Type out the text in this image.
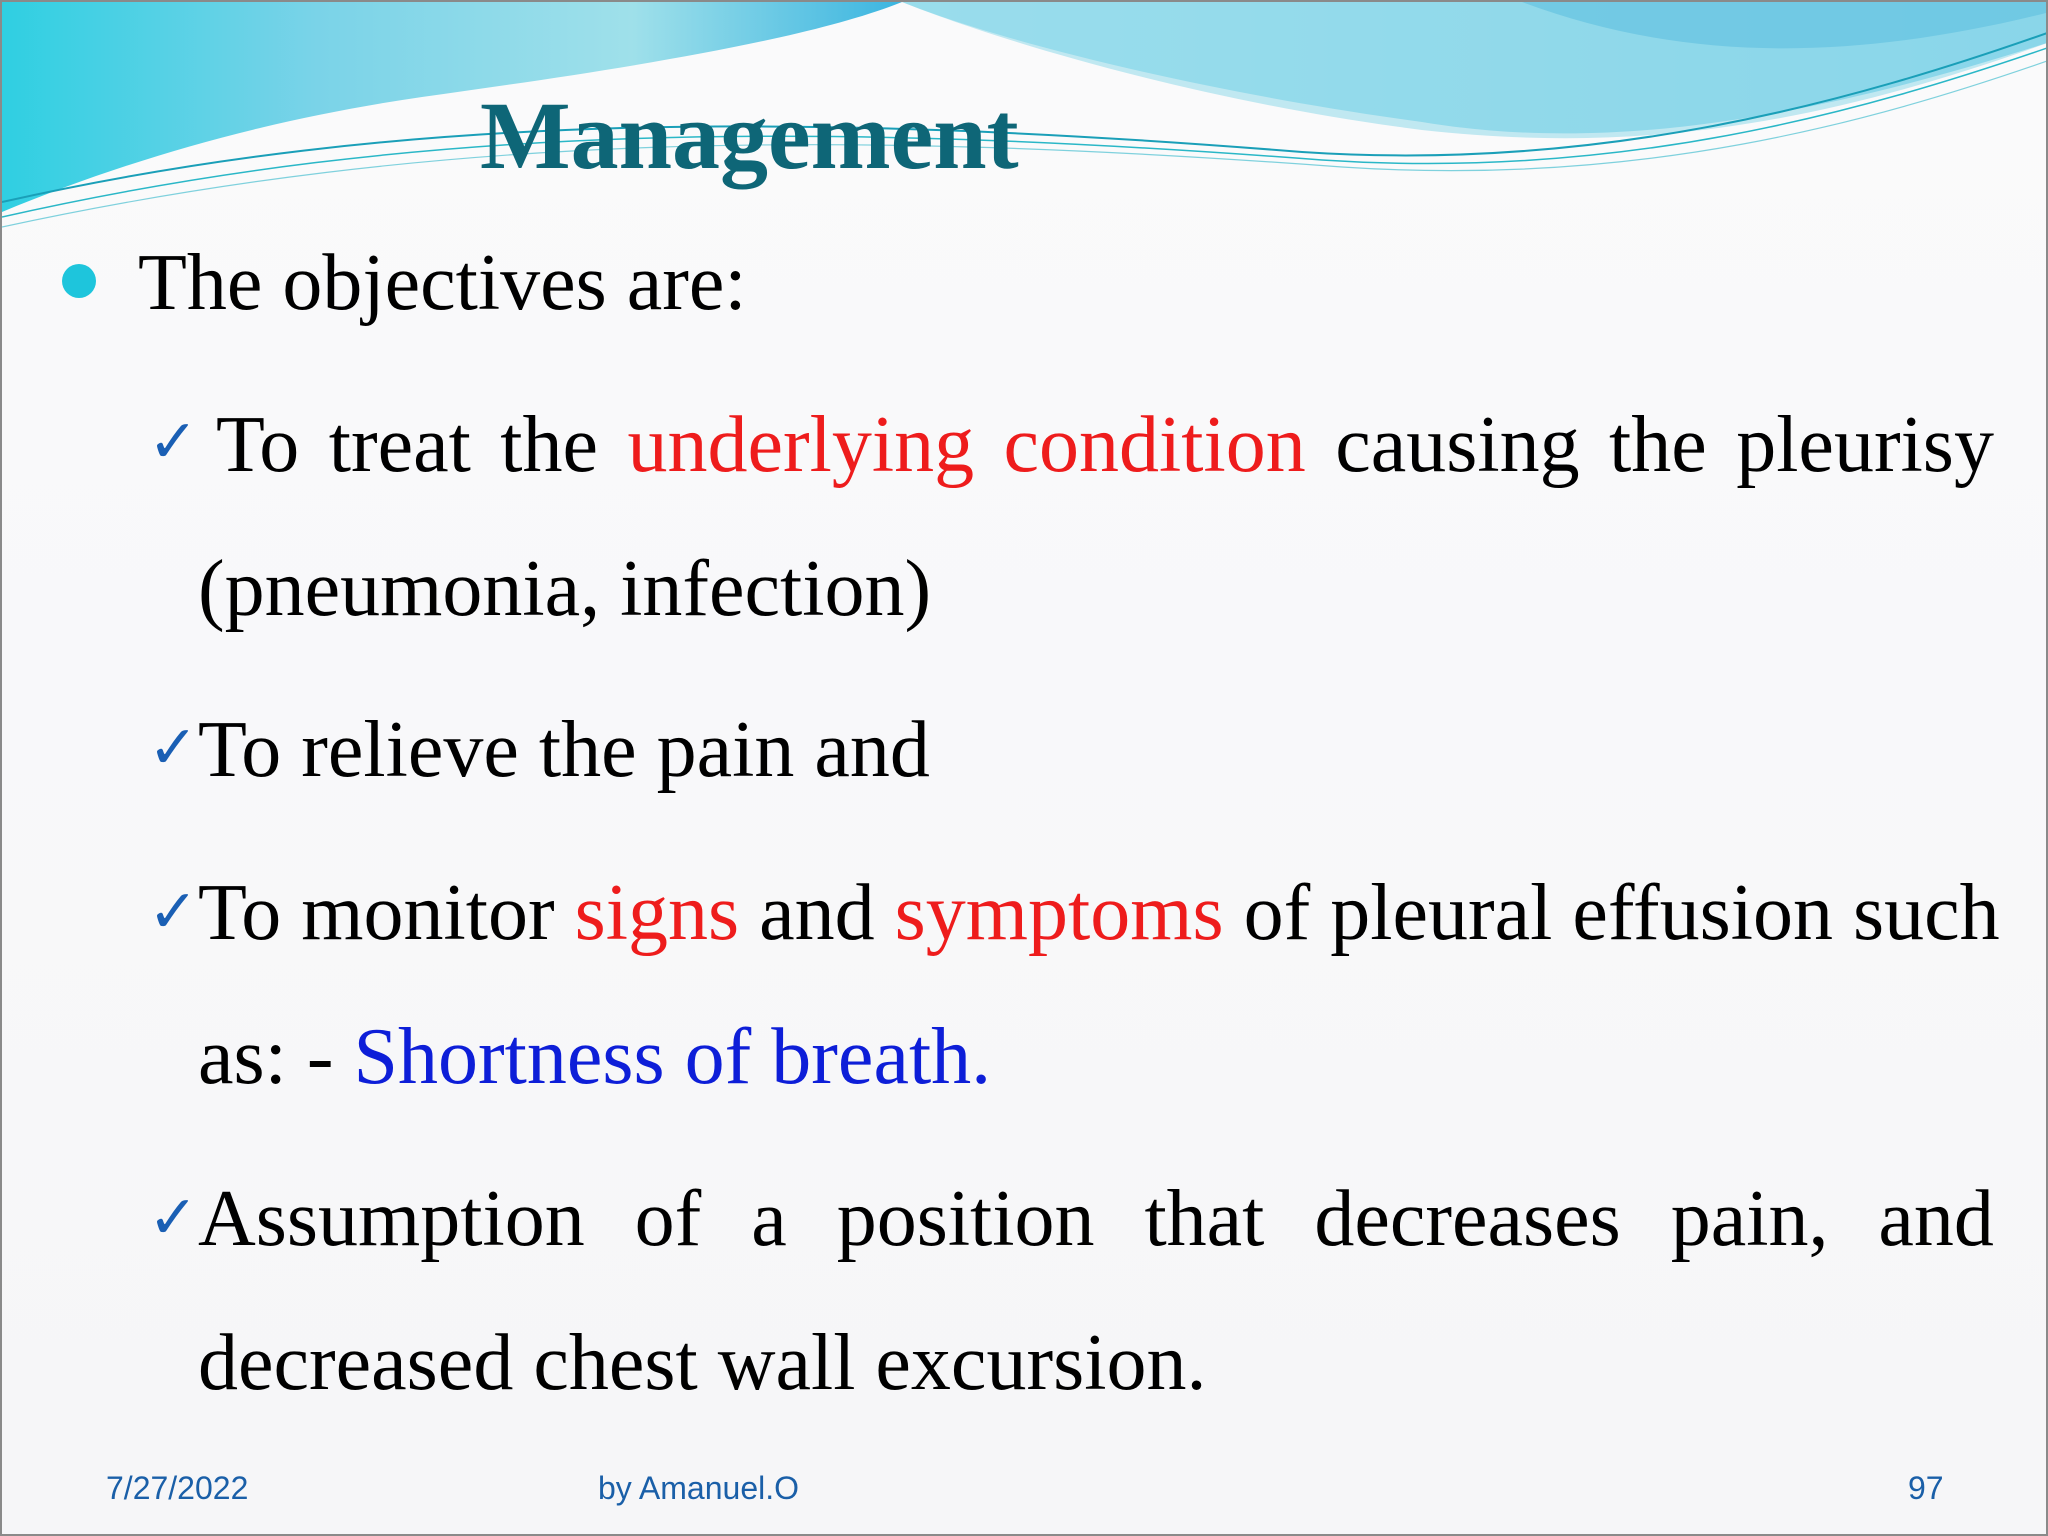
Management
The objectives are:
✓ To treat the underlying condition causing the pleurisy
(pneumonia, infection)
✓ To relieve the pain and
✓ To monitor signs and symptoms of pleural effusion such
as: - Shortness of breath.
✓ Assumption of a position that decreases pain, and
decreased chest wall excursion.
7/27/2022	by Amanuel.O	97
